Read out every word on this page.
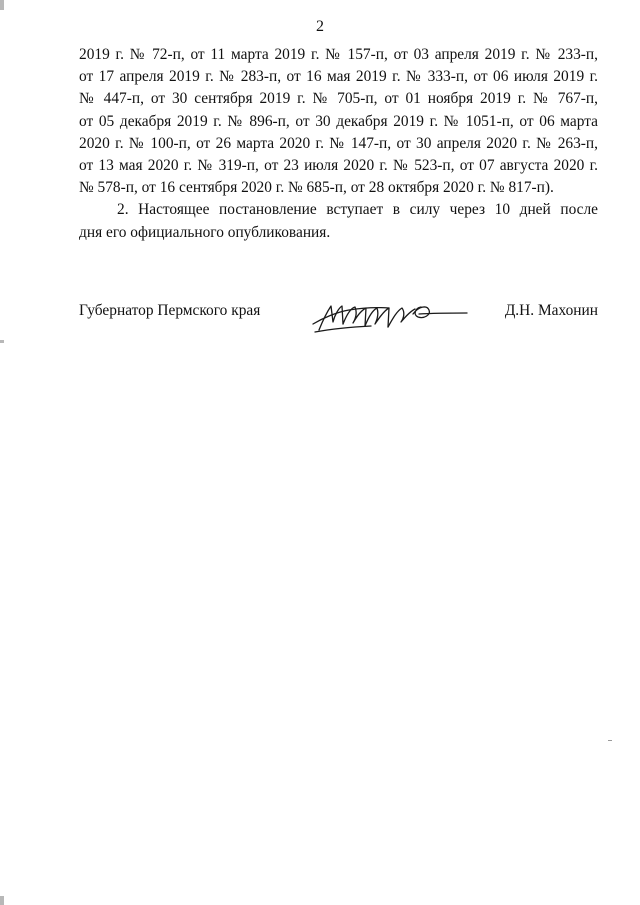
2
2019 г. № 72-п, от 11 марта 2019 г. № 157-п, от 03 апреля 2019 г. № 233-п,
от 17 апреля 2019 г. № 283-п, от 16 мая 2019 г. № 333-п, от 06 июля 2019 г.
№ 447-п, от 30 сентября 2019 г. № 705-п, от 01 ноября 2019 г. № 767-п,
от 05 декабря 2019 г. № 896-п, от 30 декабря 2019 г. № 1051-п, от 06 марта
2020 г. № 100-п, от 26 марта 2020 г. № 147-п, от 30 апреля 2020 г. № 263-п,
от 13 мая 2020 г. № 319-п, от 23 июля 2020 г. № 523-п, от 07 августа 2020 г.
№ 578-п, от 16 сентября 2020 г. № 685-п, от 28 октября 2020 г. № 817-п).
2. Настоящее постановление вступает в силу через 10 дней после
дня его официального опубликования.
Губернатор Пермского края	Д.Н. Махонин
